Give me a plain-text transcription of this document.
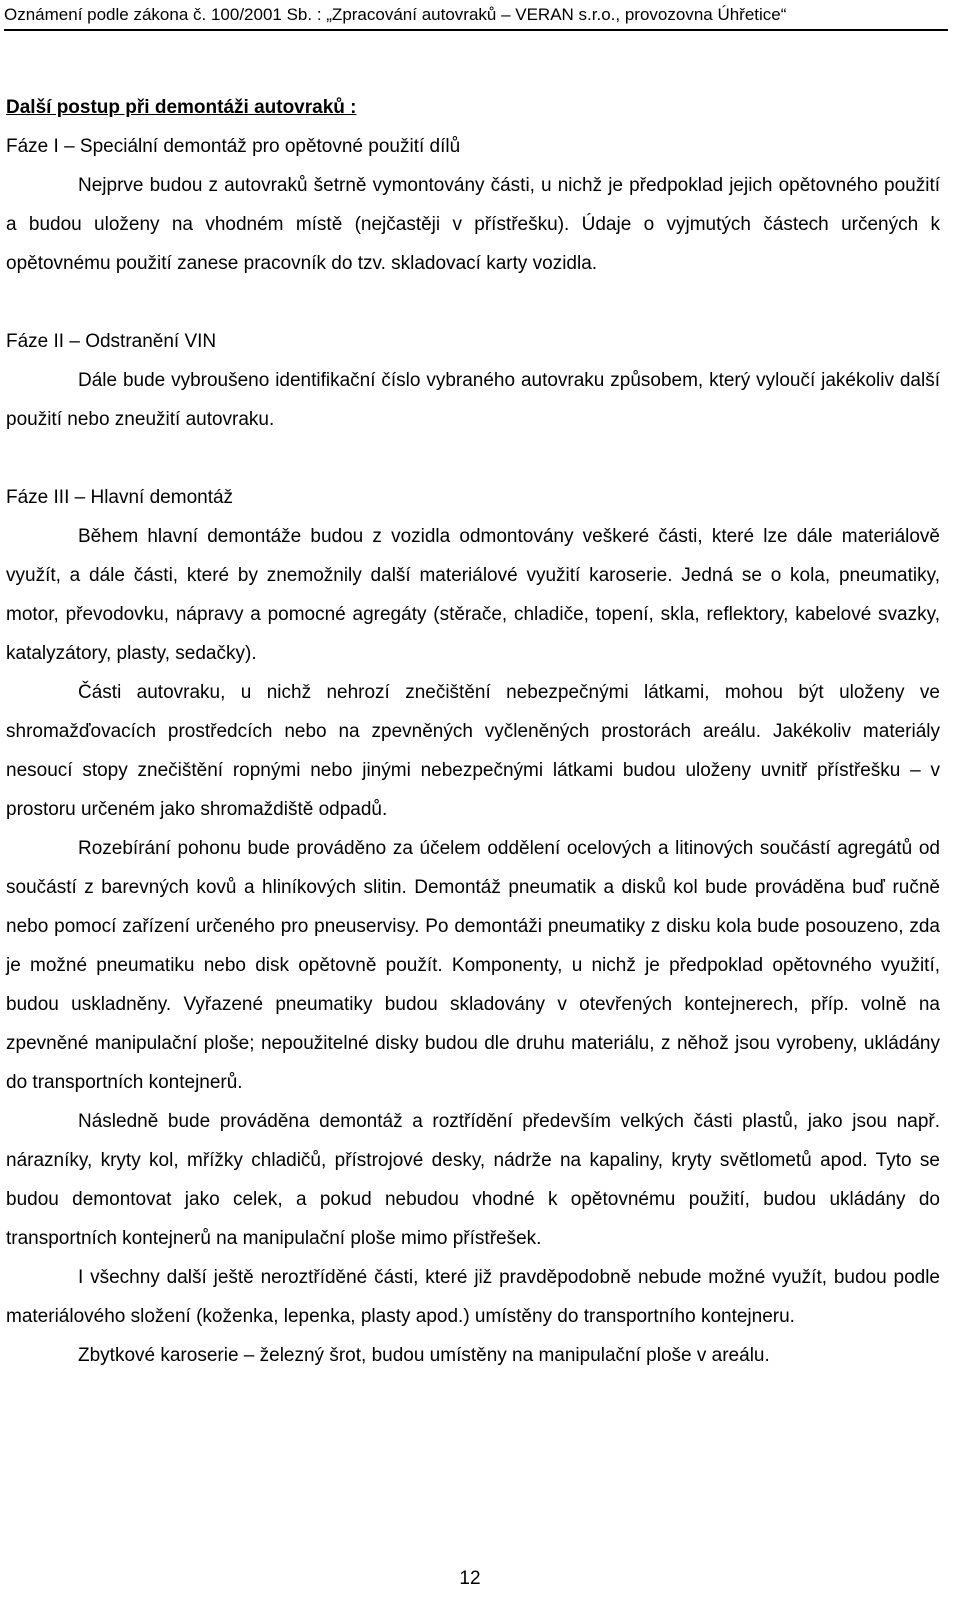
Oznámení podle zákona č. 100/2001 Sb. : „Zpracování autovraků – VERAN s.r.o., provozovna Úhřetice“

Další postup při demontáži autovraků :

Fáze I – Speciální demontáž pro opětovné použití dílů

Nejprve budou z autovraků šetrně vymontovány části, u nichž je předpoklad jejich opětovného použití a budou uloženy na vhodném místě (nejčastěji v přístřešku). Údaje o vyjmutých částech určených k opětovnému použití zanese pracovník do tzv. skladovací karty vozidla.

Fáze II – Odstranění VIN

Dále bude vybroušeno identifikační číslo vybraného autovraku způsobem, který vyloučí jakékoliv další použití nebo zneužití autovraku.

Fáze III – Hlavní demontáž

Během hlavní demontáže budou z vozidla odmontovány veškeré části, které lze dále materiálově využít, a dále části, které by znemožnily další materiálové využití karoserie. Jedná se o kola, pneumatiky, motor, převodovku, nápravy a pomocné agregáty (stěrače, chladiče, topení, skla, reflektory, kabelové svazky, katalyzátory, plasty, sedačky).

Části autovraku, u nichž nehrozí znečištění nebezpečnými látkami, mohou být uloženy ve shromažďovacích prostředcích nebo na zpevněných vyčleněných prostorách areálu. Jakékoliv materiály nesoucí stopy znečištění ropnými nebo jinými nebezpečnými látkami budou uloženy uvnitř přístřešku – v prostoru určeném jako shromaždiště odpadů.

Rozebírání pohonu bude prováděno za účelem oddělení ocelových a litinových součástí agregátů od součástí z barevných kovů a hliníkových slitin. Demontáž pneumatik a disků kol bude prováděna buď ručně nebo pomocí zařízení určeného pro pneuservisy. Po demontáži pneumatiky z disku kola bude posouzeno, zda je možné pneumatiku nebo disk opětovně použít. Komponenty, u nichž je předpoklad opětovného využití, budou uskladněny. Vyřazené pneumatiky budou skladovány v otevřených kontejnerech, příp. volně na zpevněné manipulační ploše; nepoužitelné disky budou dle druhu materiálu, z něhož jsou vyrobeny, ukládány do transportních kontejnerů.

Následně bude prováděna demontáž a roztřídění především velkých části plastů, jako jsou např. nárazníky, kryty kol, mřížky chladičů, přístrojové desky, nádrže na kapaliny, kryty světlometů apod. Tyto se budou demontovat jako celek, a pokud nebudou vhodné k opětovnému použití, budou ukládány do transportních kontejnerů na manipulační ploše mimo přístřešek.

I všechny další ještě neroztříděné části, které již pravděpodobně nebude možné využít, budou podle materiálového složení (koženka, lepenka, plasty apod.) umístěny do transportního kontejneru.

Zbytkové karoserie – železný šrot, budou umístěny na manipulační ploše v areálu.

12
